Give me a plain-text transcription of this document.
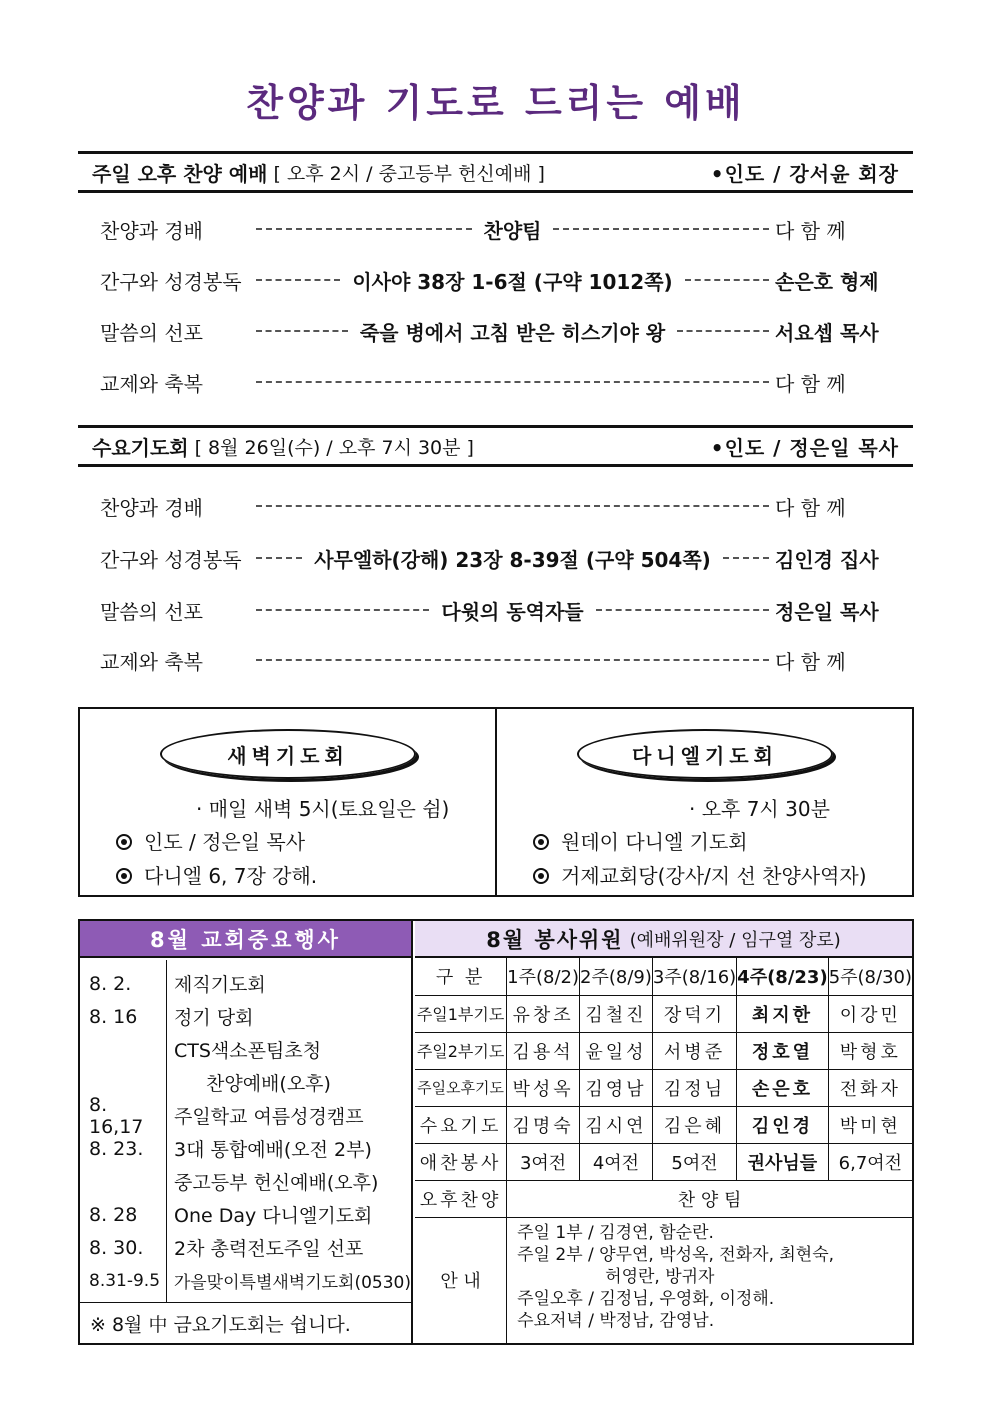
찬양과 기도로 드리는 예배
주일 오후 찬양 예배 [ 오후 2시 / 중고등부 헌신예배 ]	•인도 / 강서윤 회장
찬양과 경배	찬양팀	다 함 께
간구와 성경봉독	이사야 38장 1-6절 (구약 1012쪽)	손은호 형제
말씀의 선포	죽을 병에서 고침 받은 히스기야 왕	서요셉 목사
교제와 축복	다 함 께
수요기도회 [ 8월 26일(수) / 오후 7시 30분 ]	•인도 / 정은일 목사
찬양과 경배	다 함 께
간구와 성경봉독	사무엘하(강해) 23장 8-39절 (구약 504쪽)	김인경 집사
말씀의 선포	다윗의 동역자들	정은일 목사
교제와 축복	다 함 께
새벽기도회
· 매일 새벽 5시(토요일은 쉼)
인도 / 정은일 목사
다니엘 6, 7장 강해.
다니엘기도회
· 오후 7시 30분
원데이 다니엘 기도회
거제교회당(강사/지 선 찬양사역자)
8월 교회중요행사
8. 2.	제직기도회
8. 16	정기 당회
CTS색소폰팀초청
찬양예배(오후)
8. 16,17	주일학교 여름성경캠프
8. 23.	3대 통합예배(오전 2부)
중고등부 헌신예배(오후)
8. 28	One Day 다니엘기도회
8. 30.	2차 총력전도주일 선포
8.31-9.5 가을맞이특별새벽기도회(0530)
※ 8월 中 금요기도회는 쉽니다.
8월 봉사위원 (예배위원장 / 임구열 장로)
구 분	1주(8/2)	2주(8/9)	3주(8/16)	4주(8/23)	5주(8/30)
주일1부기도	유창조	김철진	장덕기	최지한	이강민
주일2부기도	김용석	윤일성	서병준	정호열	박형호
주일오후기도	박성옥	김영남	김정님	손은호	전화자
수요기도	김명숙	김시연	김은혜	김인경	박미현
애찬봉사	3여전	4여전	5여전	권사님들	6,7여전
오후찬양	찬 양 팀				
안 내	주일 1부 / 김경연, 함순란.
주일 2부 / 양무연, 박성옥, 전화자, 최현숙,
허영란, 방귀자
주일오후 / 김정님, 우영화, 이정해.
수요저녁 / 박정남, 감영남.				
